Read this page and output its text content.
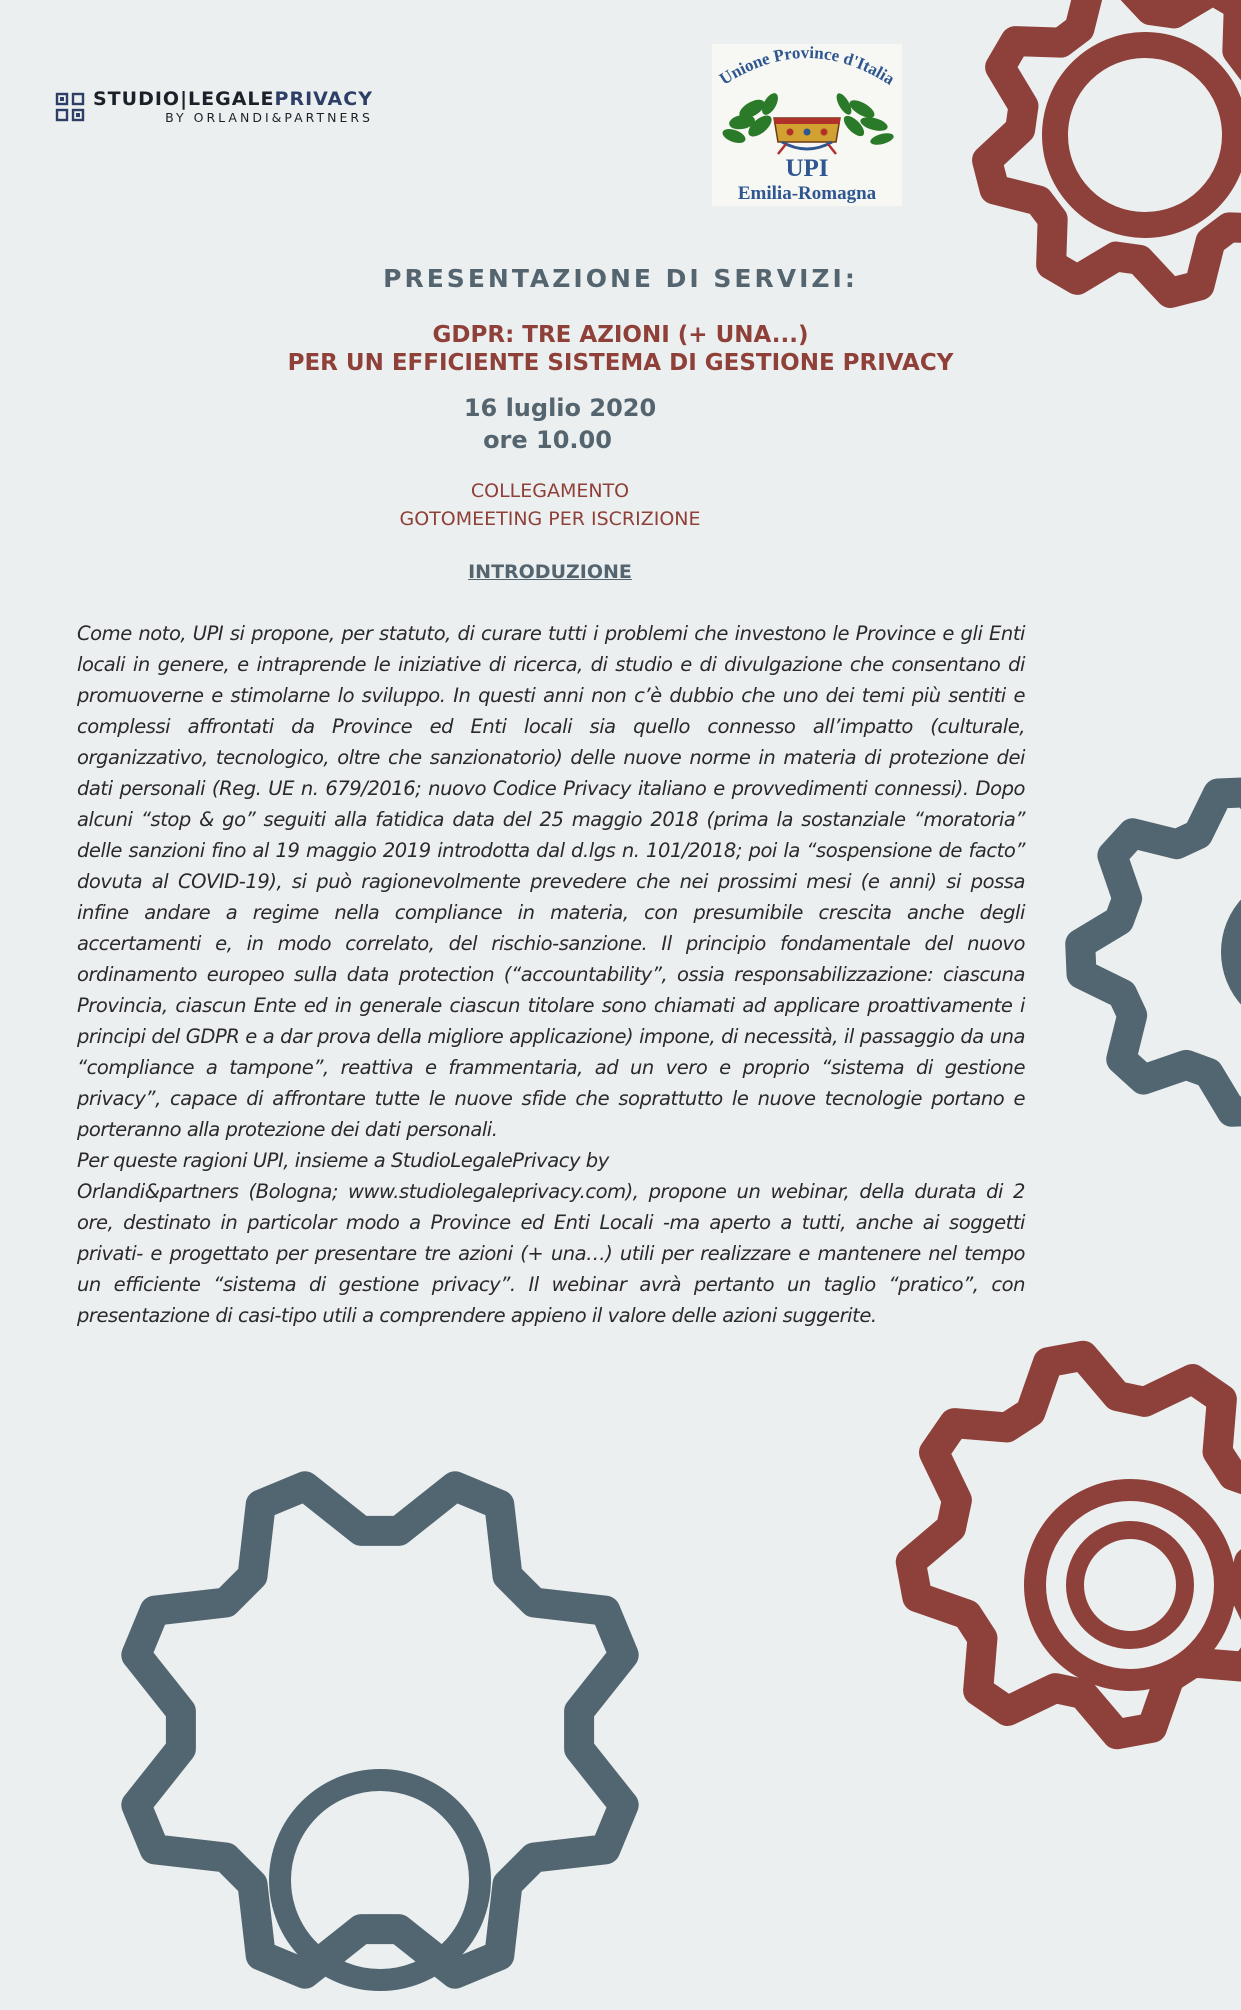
STUDIO|LEGALEPRIVACY
BY ORLANDI&PARTNERS
Unione Province d'Italia
UPI
Emilia-Romagna
PRESENTAZIONE DI SERVIZI:
GDPR: TRE AZIONI (+ UNA...)
PER UN EFFICIENTE SISTEMA DI GESTIONE PRIVACY
16 luglio 2020
ore 10.00
COLLEGAMENTO
GOTOMEETING PER ISCRIZIONE
INTRODUZIONE

Come noto, UPI si propone, per statuto, di curare tutti i problemi che investono le Province e gli Enti locali in genere, e intraprende le iniziative di ricerca, di studio e di divulgazione che consentano di promuoverne e stimolarne lo sviluppo. In questi anni non c’è dubbio che uno dei temi più sentiti e complessi affrontati da Province ed Enti locali sia quello connesso all’impatto (culturale, organizzativo, tecnologico, oltre che sanzionatorio) delle nuove norme in materia di protezione dei dati personali (Reg. UE n. 679/2016; nuovo Codice Privacy italiano e provvedimenti connessi). Dopo alcuni “stop & go” seguiti alla fatidica data del 25 maggio 2018 (prima la sostanziale “moratoria” delle sanzioni fino al 19 maggio 2019 introdotta dal d.lgs n. 101/2018; poi la “sospensione de facto” dovuta al COVID-19), si può ragionevolmente prevedere che nei prossimi mesi (e anni) si possa infine andare a regime nella compliance in materia, con presumibile crescita anche degli accertamenti e, in modo correlato, del rischio-sanzione. Il principio fondamentale del nuovo ordinamento europeo sulla data protection (“accountability”, ossia responsabilizzazione: ciascuna Provincia, ciascun Ente ed in generale ciascun titolare sono chiamati ad applicare proattivamente i principi del GDPR e a dar prova della migliore applicazione) impone, di necessità, il passaggio da una “compliance a tampone”, reattiva e frammentaria, ad un vero e proprio “sistema di gestione privacy”, capace di affrontare tutte le nuove sfide che soprattutto le nuove tecnologie portano e porteranno alla protezione dei dati personali.

Per queste ragioni UPI, insieme a StudioLegalePrivacy by

Orlandi&partners (Bologna; www.studiolegaleprivacy.com), propone un webinar, della durata di 2 ore, destinato in particolar modo a Province ed Enti Locali -ma aperto a tutti, anche ai soggetti privati- e progettato per presentare tre azioni (+ una…) utili per realizzare e mantenere nel tempo un efficiente “sistema di gestione privacy”. Il webinar avrà pertanto un taglio “pratico”, con presentazione di casi-tipo utili a comprendere appieno il valore delle azioni suggerite.
